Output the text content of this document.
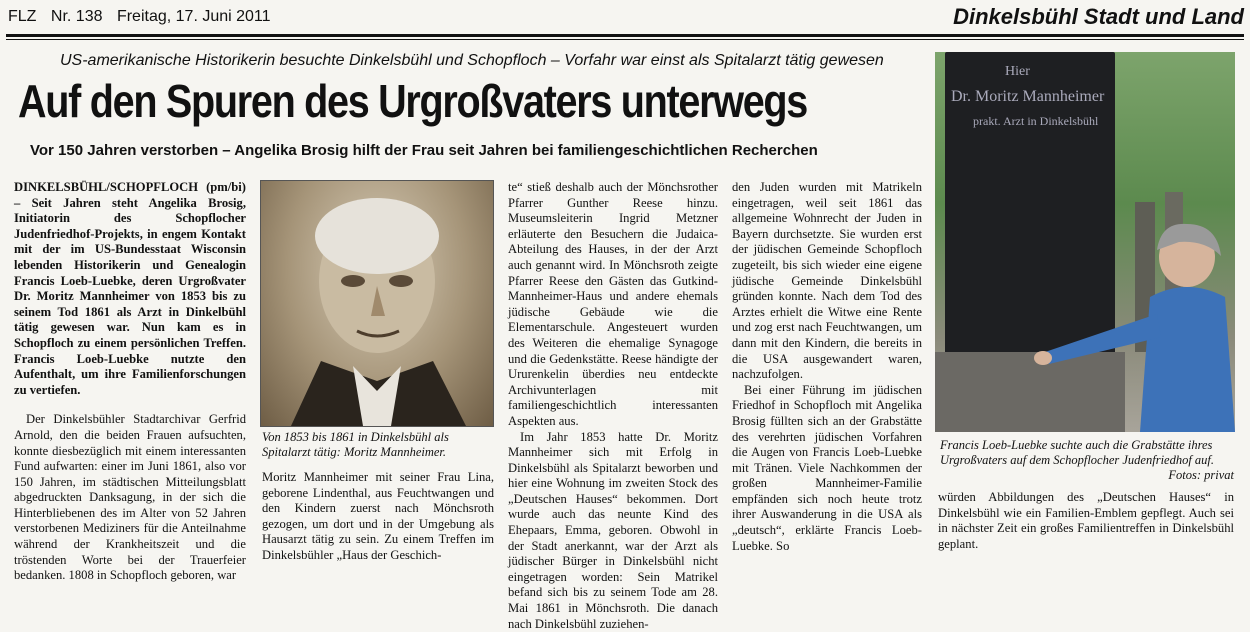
FLZ Nr. 138 Freitag, 17. Juni 2011	Dinkelsbühl Stadt und Land
US-amerikanische Historikerin besuchte Dinkelsbühl und Schopfloch – Vorfahr war einst als Spitalarzt tätig gewesen
Auf den Spuren des Urgroßvaters unterwegs
Vor 150 Jahren verstorben – Angelika Brosig hilft der Frau seit Jahren bei familiengeschichtlichen Recherchen

DINKELSBÜHL/SCHOPFLOCH (pm/bi) – Seit Jahren steht Angelika Brosig, Initiatorin des Schopflocher Judenfriedhof-Projekts, in engem Kontakt mit der im US-Bundesstaat Wisconsin lebenden Historikerin und Genealogin Francis Loeb-Luebke, deren Urgroßvater Dr. Moritz Mannheimer von 1853 bis zu seinem Tod 1861 als Arzt in Dinkelbühl tätig gewesen war. Nun kam es in Schopfloch zu einem persönlichen Treffen. Francis Loeb-Luebke nutzte den Aufenthalt, um ihre Familienforschungen zu vertiefen.

Der Dinkelsbühler Stadtarchivar Gerfrid Arnold, den die beiden Frauen aufsuchten, konnte diesbezüglich mit einem interessanten Fund aufwarten: einer im Juni 1861, also vor 150 Jahren, im städtischen Mitteilungsblatt abgedruckten Danksagung, in der sich die Hinterbliebenen des im Alter von 52 Jahren verstorbenen Mediziners für die Anteilnahme während der Krankheitszeit und die tröstenden Worte bei der Trauerfeier bedanken. 1808 in Schopfloch geboren, war

Von 1853 bis 1861 in Dinkelsbühl als Spitalarzt tätig: Moritz Mannheimer.

Moritz Mannheimer mit seiner Frau Lina, geborene Lindenthal, aus Feuchtwangen und den Kindern zuerst nach Mönchsroth gezogen, um dort und in der Umgebung als Hausarzt tätig zu sein. Zu einem Treffen im Dinkelsbühler „Haus der Geschich-

te“ stieß deshalb auch der Mönchsrother Pfarrer Gunther Reese hinzu. Museumsleiterin Ingrid Metzner erläuterte den Besuchern die Judaica-Abteilung des Hauses, in der der Arzt auch genannt wird. In Mönchsroth zeigte Pfarrer Reese den Gästen das Gutkind-Mannheimer-Haus und andere ehemals jüdische Gebäude wie die Elementarschule. Angesteuert wurden des Weiteren die ehemalige Synagoge und die Gedenkstätte. Reese händigte der Ururenkelin überdies neu entdeckte Archivunterlagen mit familiengeschichtlich interessanten Aspekten aus.

Im Jahr 1853 hatte Dr. Moritz Mannheimer sich mit Erfolg in Dinkelsbühl als Spitalarzt beworben und hier eine Wohnung im zweiten Stock des „Deutschen Hauses“ bekommen. Dort wurde auch das neunte Kind des Ehepaars, Emma, geboren. Obwohl in der Stadt anerkannt, war der Arzt als jüdischer Bürger in Dinkelsbühl nicht eingetragen worden: Sein Matrikel befand sich bis zu seinem Tode am 28. Mai 1861 in Mönchsroth. Die danach nach Dinkelsbühl zuziehen-

den Juden wurden mit Matrikeln eingetragen, weil seit 1861 das allgemeine Wohnrecht der Juden in Bayern durchsetzte. Sie wurden erst der jüdischen Gemeinde Schopfloch zugeteilt, bis sich wieder eine eigene jüdische Gemeinde Dinkelsbühl gründen konnte. Nach dem Tod des Arztes erhielt die Witwe eine Rente und zog erst nach Feuchtwangen, um dann mit den Kindern, die bereits in die USA ausgewandert waren, nachzufolgen.

Bei einer Führung im jüdischen Friedhof in Schopfloch mit Angelika Brosig füllten sich an der Grabstätte des verehrten jüdischen Vorfahren die Augen von Francis Loeb-Luebke mit Tränen. Viele Nachkommen der großen Mannheimer-Familie empfänden sich noch heute trotz ihrer Auswanderung in die USA als „deutsch“, erklärte Francis Loeb-Luebke. So

Hier
Dr. Moritz Mannheimer
prakt. Arzt in Dinkelsbühl
Francis Loeb-Luebke suchte auch die Grabstätte ihres Urgroßvaters auf dem Schopflocher Judenfriedhof auf.
Fotos: privat

würden Abbildungen des „Deutschen Hauses“ in Dinkelsbühl wie ein Familien-Emblem gepflegt. Auch sei in nächster Zeit ein großes Familientreffen in Dinkelsbühl geplant.
